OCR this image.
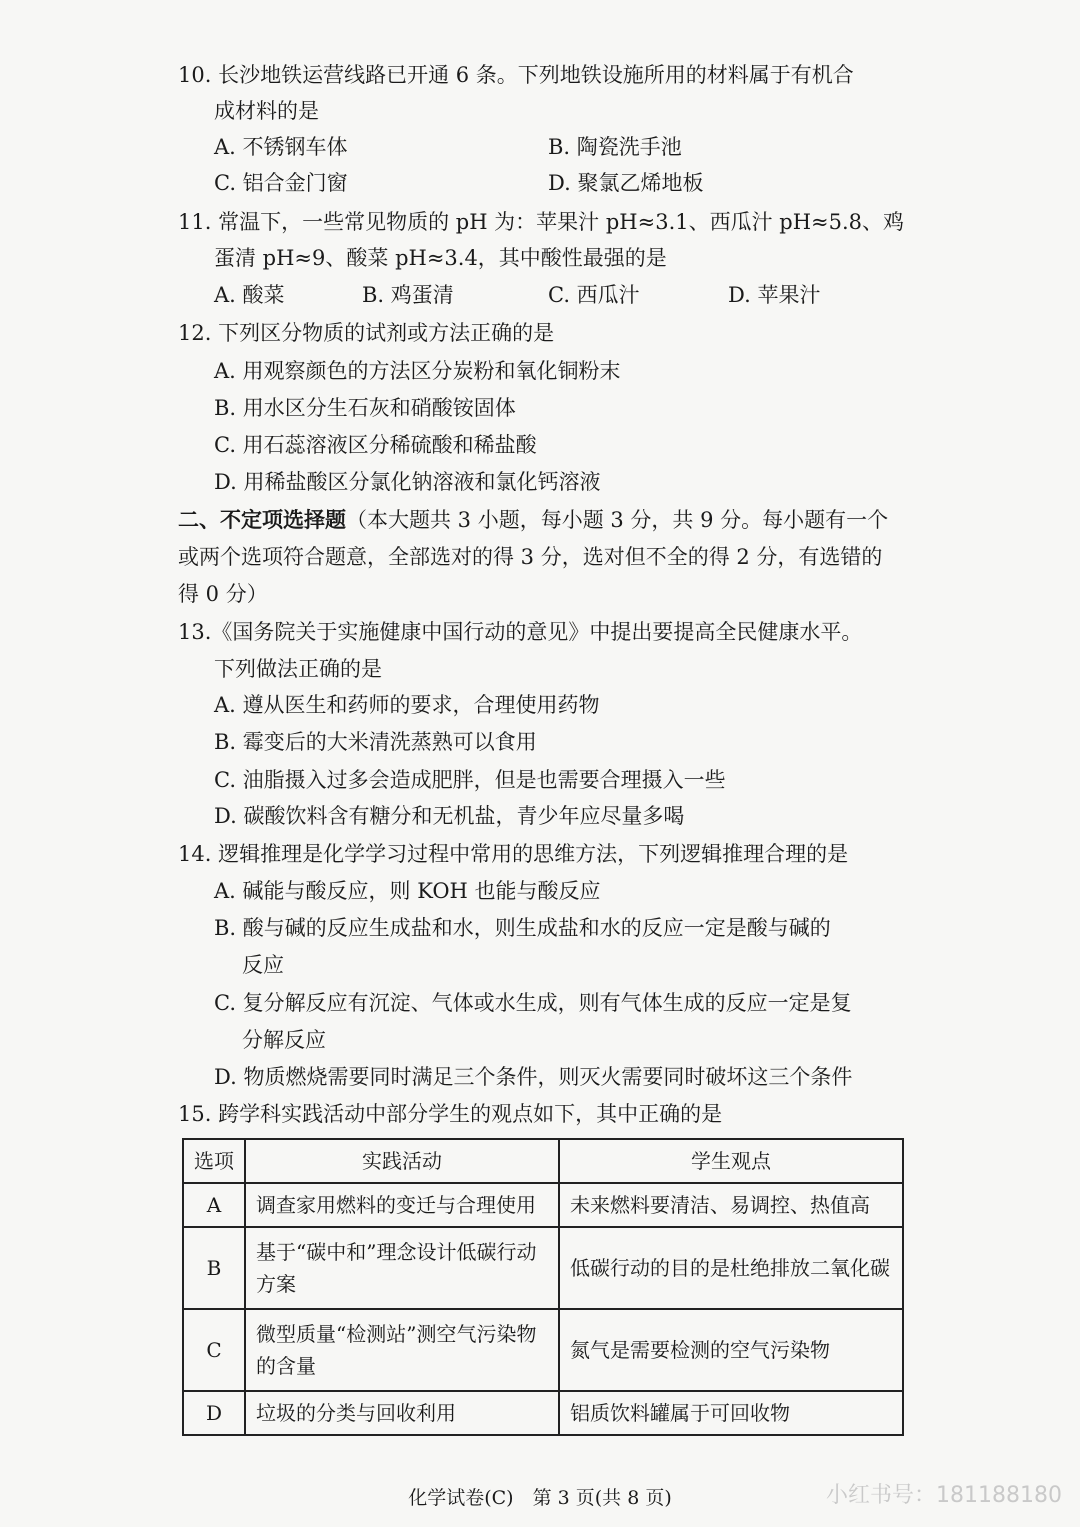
10. 长沙地铁运营线路已开通 6 条。下列地铁设施所用的材料属于有机合
成材料的是
A. 不锈钢车体	B. 陶瓷洗手池
C. 铝合金门窗	D. 聚氯乙烯地板
11. 常温下，一些常见物质的 pH 为：苹果汁 pH≈3.1、西瓜汁 pH≈5.8、鸡
蛋清 pH≈9、酸菜 pH≈3.4，其中酸性最强的是
A. 酸菜	B. 鸡蛋清	C. 西瓜汁	D. 苹果汁
12. 下列区分物质的试剂或方法正确的是
A. 用观察颜色的方法区分炭粉和氧化铜粉末
B. 用水区分生石灰和硝酸铵固体
C. 用石蕊溶液区分稀硫酸和稀盐酸
D. 用稀盐酸区分氯化钠溶液和氯化钙溶液
二、不定项选择题（本大题共 3 小题，每小题 3 分，共 9 分。每小题有一个
或两个选项符合题意，全部选对的得 3 分，选对但不全的得 2 分，有选错的
得 0 分）
13.《国务院关于实施健康中国行动的意见》中提出要提高全民健康水平。
下列做法正确的是
A. 遵从医生和药师的要求，合理使用药物
B. 霉变后的大米清洗蒸熟可以食用
C. 油脂摄入过多会造成肥胖，但是也需要合理摄入一些
D. 碳酸饮料含有糖分和无机盐，青少年应尽量多喝
14. 逻辑推理是化学学习过程中常用的思维方法，下列逻辑推理合理的是
A. 碱能与酸反应，则 KOH 也能与酸反应
B. 酸与碱的反应生成盐和水，则生成盐和水的反应一定是酸与碱的
反应
C. 复分解反应有沉淀、气体或水生成，则有气体生成的反应一定是复
分解反应
D. 物质燃烧需要同时满足三个条件，则灭火需要同时破坏这三个条件
15. 跨学科实践活动中部分学生的观点如下，其中正确的是
选项	实践活动	学生观点
A	调查家用燃料的变迁与合理使用	未来燃料要清洁、易调控、热值高
B	基于“碳中和”理念设计低碳行动方案	低碳行动的目的是杜绝排放二氧化碳
C	微型质量“检测站”测空气污染物的含量	氮气是需要检测的空气污染物
D	垃圾的分类与回收利用	铝质饮料罐属于可回收物
化学试卷(C)　第 3 页(共 8 页)	小红书号：181188180
